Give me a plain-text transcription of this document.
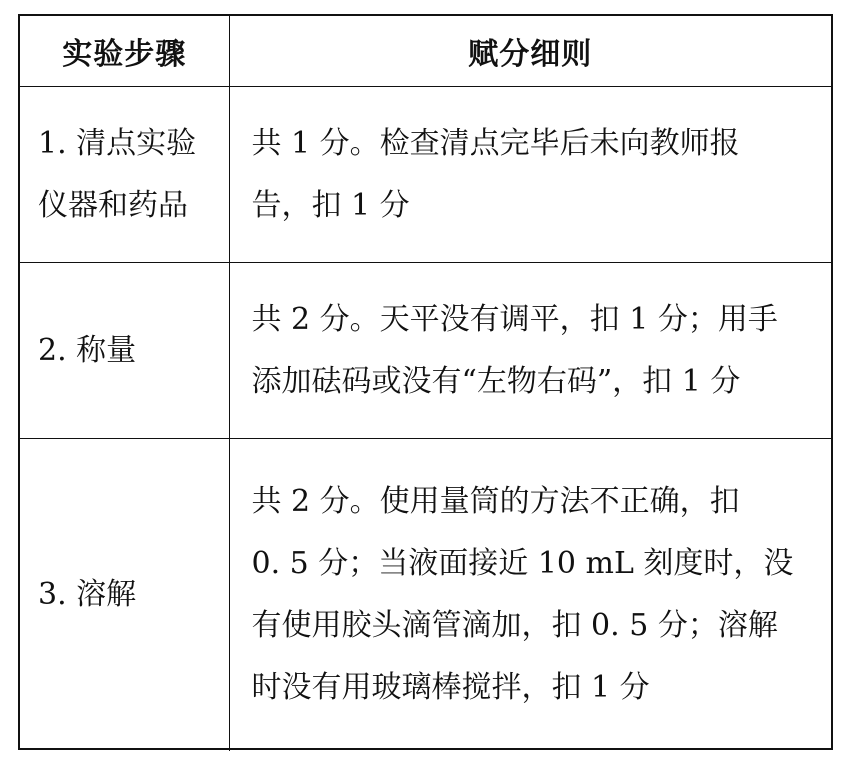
实验步骤	赋分细则

1. 清点实验
仪器和药品	共 1 分。检查清点完毕后未向教师报
告，扣 1 分

2. 称量	共 2 分。天平没有调平，扣 1 分；用手
添加砝码或没有“左物右码”，扣 1 分

3. 溶解	共 2 分。使用量筒的方法不正确，扣
0. 5 分；当液面接近 10 mL 刻度时，没
有使用胶头滴管滴加，扣 0. 5 分；溶解
时没有用玻璃棒搅拌，扣 1 分
